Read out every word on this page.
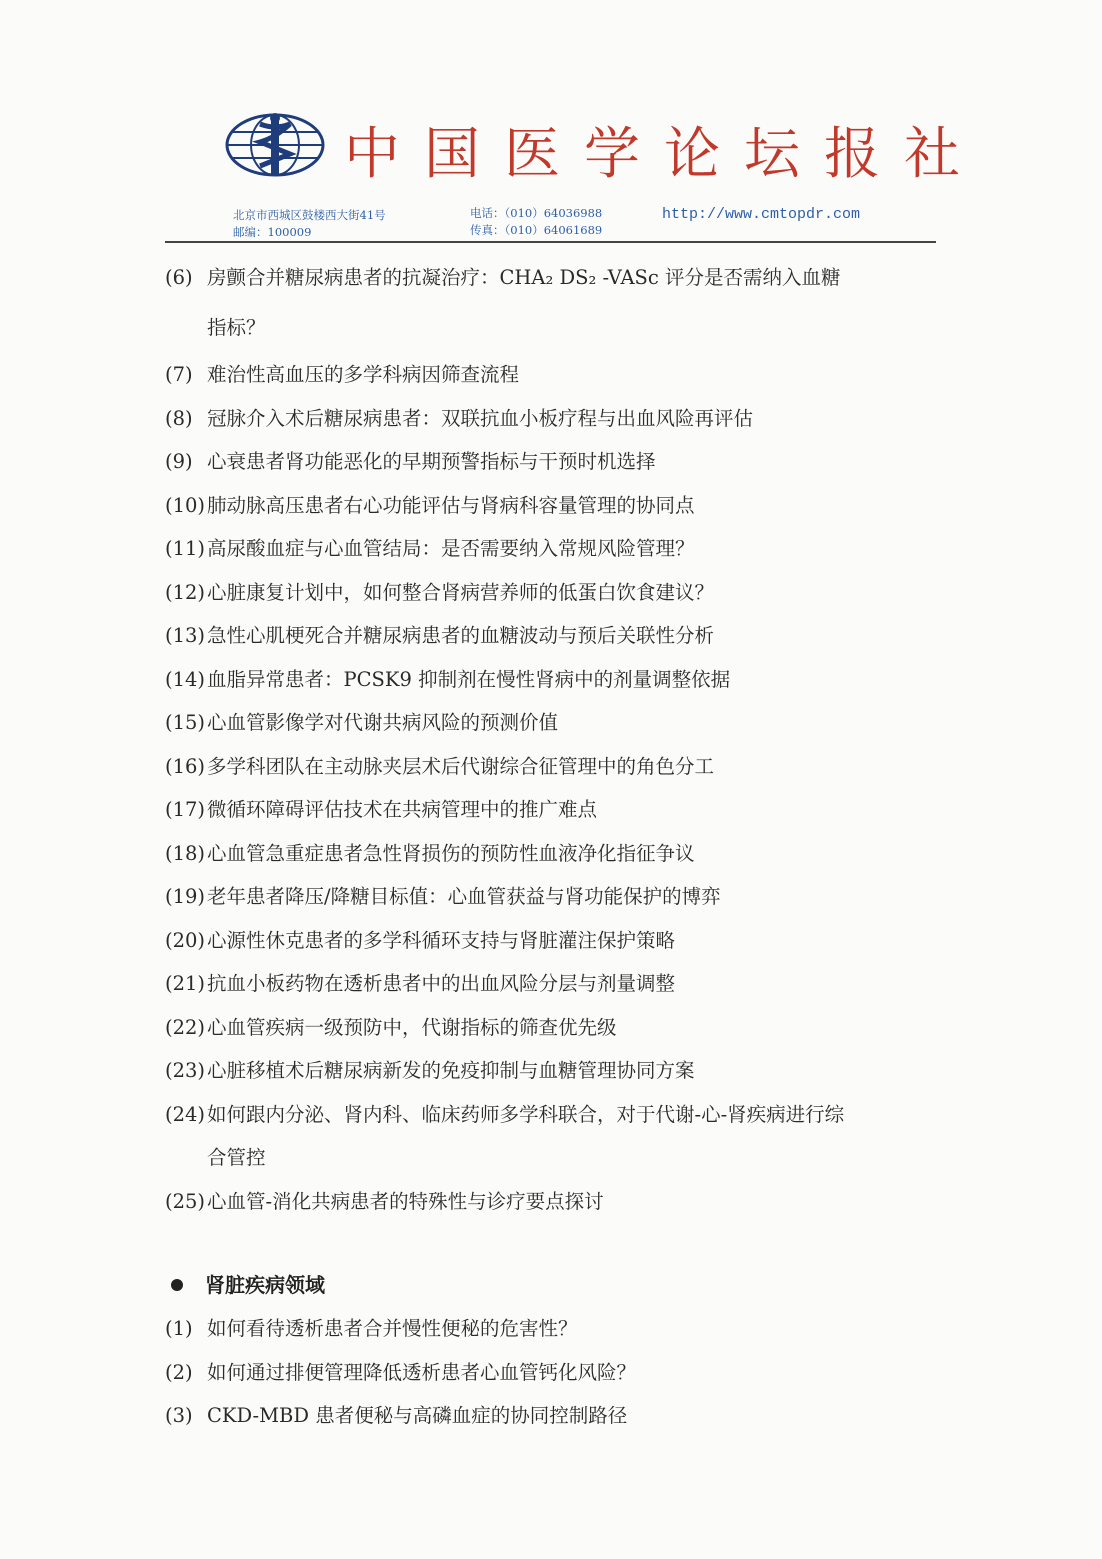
中国医学论坛报社
北京市西城区鼓楼西大街41号
邮编：100009
电话：（010）64036988
传真：（010）64061689
http://www.cmtopdr.com
(6) 房颤合并糖尿病患者的抗凝治疗：CHA₂ DS₂ -VASc 评分是否需纳入血糖
指标？
(7) 难治性高血压的多学科病因筛查流程
(8) 冠脉介入术后糖尿病患者：双联抗血小板疗程与出血风险再评估
(9) 心衰患者肾功能恶化的早期预警指标与干预时机选择
(10) 肺动脉高压患者右心功能评估与肾病科容量管理的协同点
(11) 高尿酸血症与心血管结局：是否需要纳入常规风险管理？
(12) 心脏康复计划中，如何整合肾病营养师的低蛋白饮食建议？
(13) 急性心肌梗死合并糖尿病患者的血糖波动与预后关联性分析
(14) 血脂异常患者：PCSK9 抑制剂在慢性肾病中的剂量调整依据
(15) 心血管影像学对代谢共病风险的预测价值
(16) 多学科团队在主动脉夹层术后代谢综合征管理中的角色分工
(17) 微循环障碍评估技术在共病管理中的推广难点
(18) 心血管急重症患者急性肾损伤的预防性血液净化指征争议
(19) 老年患者降压/降糖目标值：心血管获益与肾功能保护的博弈
(20) 心源性休克患者的多学科循环支持与肾脏灌注保护策略
(21) 抗血小板药物在透析患者中的出血风险分层与剂量调整
(22) 心血管疾病一级预防中，代谢指标的筛查优先级
(23) 心脏移植术后糖尿病新发的免疫抑制与血糖管理协同方案
(24) 如何跟内分泌、肾内科、临床药师多学科联合，对于代谢-心-肾疾病进行综
合管控
(25) 心血管-消化共病患者的特殊性与诊疗要点探讨
肾脏疾病领域
(1) 如何看待透析患者合并慢性便秘的危害性？
(2) 如何通过排便管理降低透析患者心血管钙化风险？
(3) CKD-MBD 患者便秘与高磷血症的协同控制路径
